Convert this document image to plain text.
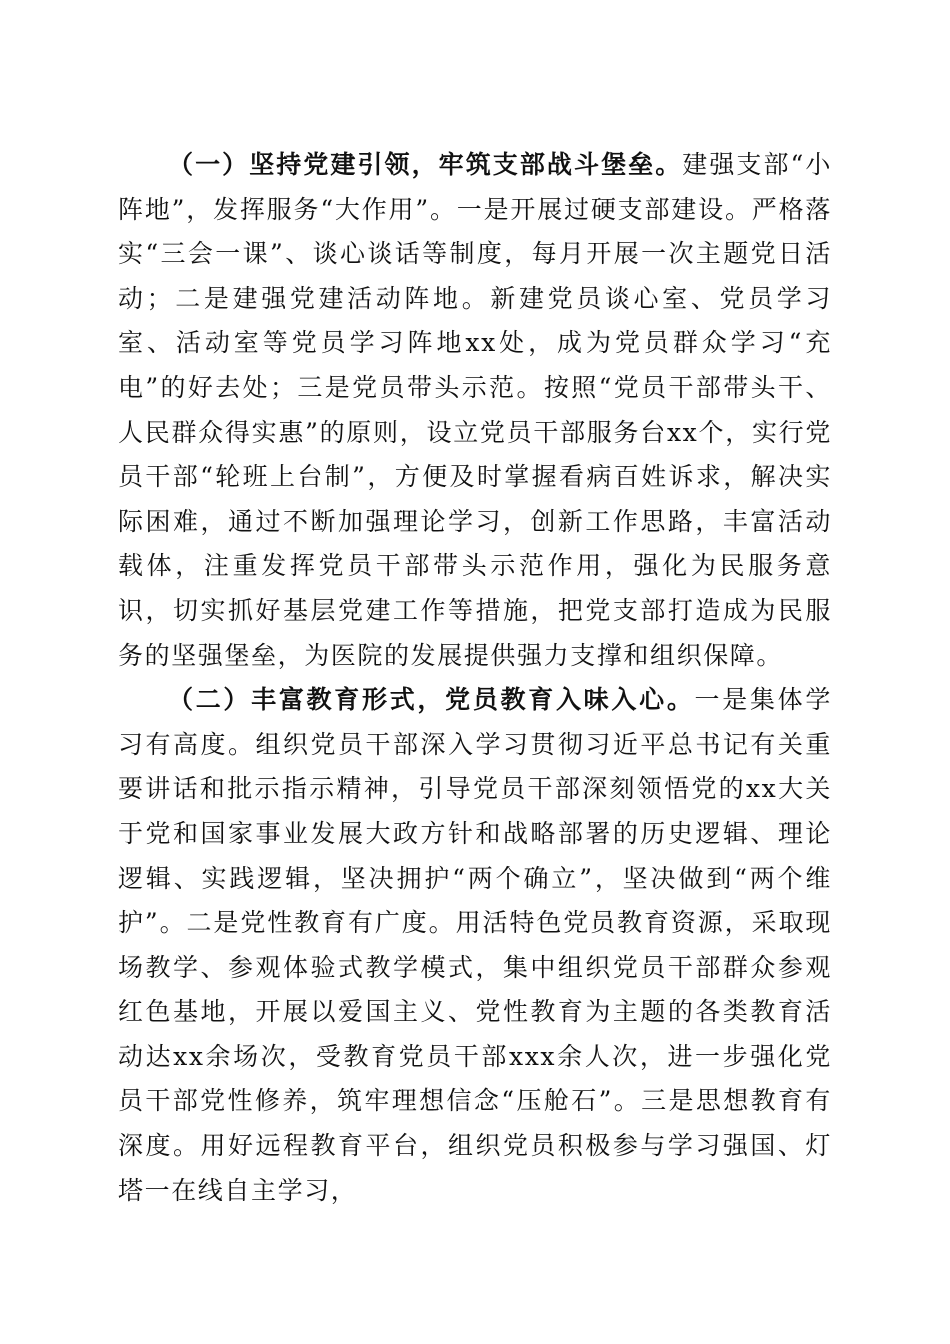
（一）坚持党建引领，牢筑支部战斗堡垒。建强支部“小阵地”，发挥服务“大作用”。一是开展过硬支部建设。严格落实“三会一课”、谈心谈话等制度，每月开展一次主题党日活动；二是建强党建活动阵地。新建党员谈心室、党员学习室、活动室等党员学习阵地xx处，成为党员群众学习“充电”的好去处；三是党员带头示范。按照“党员干部带头干、人民群众得实惠”的原则，设立党员干部服务台xx个，实行党员干部“轮班上台制”，方便及时掌握看病百姓诉求，解决实际困难，通过不断加强理论学习，创新工作思路，丰富活动载体，注重发挥党员干部带头示范作用，强化为民服务意识，切实抓好基层党建工作等措施，把党支部打造成为民服务的坚强堡垒，为医院的发展提供强力支撑和组织保障。

（二）丰富教育形式，党员教育入味入心。一是集体学习有高度。组织党员干部深入学习贯彻习近平总书记有关重要讲话和批示指示精神，引导党员干部深刻领悟党的xx大关于党和国家事业发展大政方针和战略部署的历史逻辑、理论逻辑、实践逻辑，坚决拥护“两个确立”，坚决做到“两个维护”。二是党性教育有广度。用活特色党员教育资源，采取现场教学、参观体验式教学模式，集中组织党员干部群众参观红色基地，开展以爱国主义、党性教育为主题的各类教育活动达xx余场次，受教育党员干部xxx余人次，进一步强化党员干部党性修养，筑牢理想信念“压舱石”。三是思想教育有深度。用好远程教育平台，组织党员积极参与学习强国、灯塔一在线自主学习，
